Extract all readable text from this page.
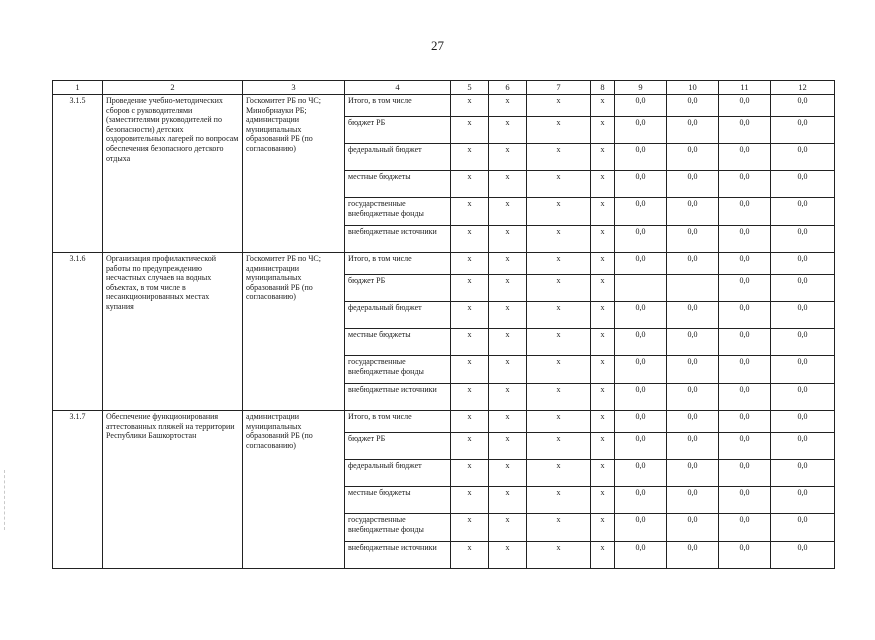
27
1	2	3	4	5	6	7	8	9	10	11	12
3.1.5	Проведение учебно-методических сборов с руководителями (заместителями руководителей по безопасности) детских оздоровительных лагерей по вопросам обеспечения безопасного детского отдыха	Госкомитет РБ по ЧС; Минобрнауки РБ; администрации муниципальных образований РБ (по согласованию)	Итого, в том числе	x	x	x	x	0,0	0,0	0,0	0,0
			бюджет РБ	x	x	x	x	0,0	0,0	0,0	0,0
			федеральный бюджет	x	x	x	x	0,0	0,0	0,0	0,0
			местные бюджеты	x	x	x	x	0,0	0,0	0,0	0,0
			государственные внебюджетные фонды	x	x	x	x	0,0	0,0	0,0	0,0
			внебюджетные источники	x	x	x	x	0,0	0,0	0,0	0,0
3.1.6	Организация профилактической работы по предупреждению несчастных случаев на водных объектах, в том числе в несанкционированных местах купания	Госкомитет РБ по ЧС; администрации муниципальных образований РБ (по согласованию)	Итого, в том числе	x	x	x	x	0,0	0,0	0,0	0,0
			бюджет РБ	x	x	x	x			0,0	0,0
			федеральный бюджет	x	x	x	x	0,0	0,0	0,0	0,0
			местные бюджеты	x	x	x	x	0,0	0,0	0,0	0,0
			государственные внебюджетные фонды	x	x	x	x	0,0	0,0	0,0	0,0
			внебюджетные источники	x	x	x	x	0,0	0,0	0,0	0,0
3.1.7	Обеспечение функционирования аттестованных пляжей на территории Республики Башкортостан	администрации муниципальных образований РБ (по согласованию)	Итого, в том числе	x	x	x	x	0,0	0,0	0,0	0,0
			бюджет РБ	x	x	x	x	0,0	0,0	0,0	0,0
			федеральный бюджет	x	x	x	x	0,0	0,0	0,0	0,0
			местные бюджеты	x	x	x	x	0,0	0,0	0,0	0,0
			государственные внебюджетные фонды	x	x	x	x	0,0	0,0	0,0	0,0
			внебюджетные источники	x	x	x	x	0,0	0,0	0,0	0,0
